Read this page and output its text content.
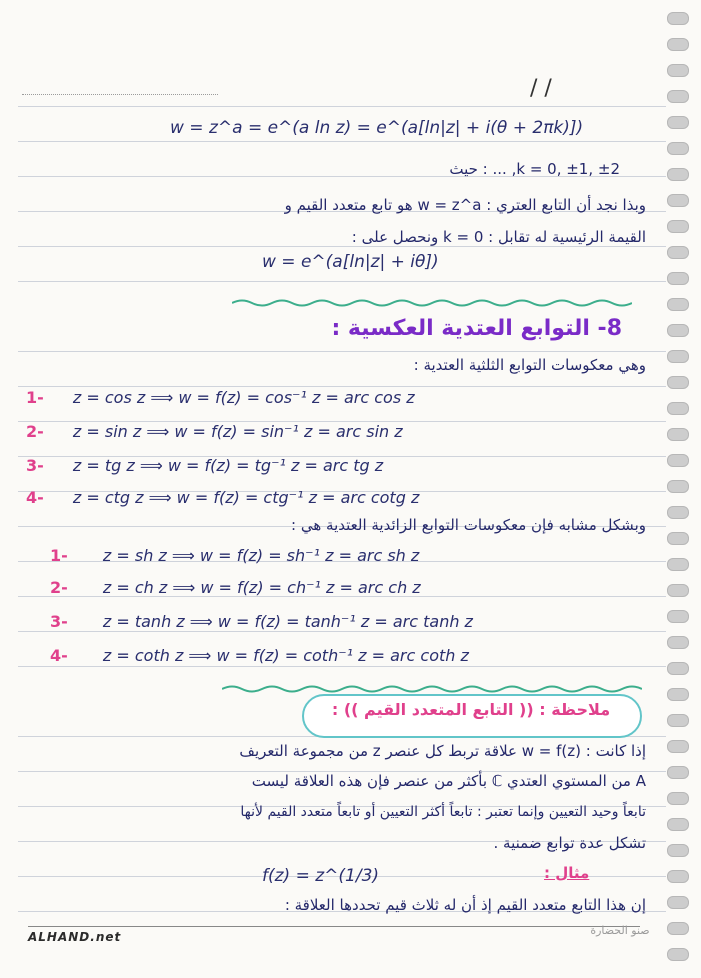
/ /
w = z^a = e^(a ln z) = e^(a[ln|z| + i(θ + 2πk)])
k = 0, ±1, ±2, ... : حيث
وبذا نجد أن التابع العتري : w = z^a هو تابع متعدد القيم و
القيمة الرئيسية له تقابل : k = 0 ونحصل على :
w = e^(a[ln|z| + iθ])
8- التوابع العتدية العكسية :
وهي معكوسات التوابع الثلثية العتدية :
1- z = cos z ⟹ w = f(z) = cos⁻¹ z = arc cos z
2- z = sin z ⟹ w = f(z) = sin⁻¹ z = arc sin z
3- z = tg z ⟹ w = f(z) = tg⁻¹ z = arc tg z
4- z = ctg z ⟹ w = f(z) = ctg⁻¹ z = arc cotg z
وبشكل مشابه فإن معكوسات التوابع الزائدية العتدية هي :
1- z = sh z ⟹ w = f(z) = sh⁻¹ z = arc sh z
2- z = ch z ⟹ w = f(z) = ch⁻¹ z = arc ch z
3- z = tanh z ⟹ w = f(z) = tanh⁻¹ z = arc tanh z
4- z = coth z ⟹ w = f(z) = coth⁻¹ z = arc coth z
ملاحظة : (( التابع المتعدد القيم )) :
إذا كانت : w = f(z) علاقة تربط كل عنصر z من مجموعة التعريف
A من المستوي العتدي ℂ بأكثر من عنصر فإن هذه العلاقة ليست
تابعاً وحيد التعيين وإنما تعتبر : تابعاً أكثر التعيين أو تابعاً متعدد القيم لأنها
تشكل عدة توابع ضمنية .
مثال :
f(z) = z^(1/3)
إن هذا التابع متعدد القيم إذ أن له ثلاث قيم تحددها العلاقة :
ALHAND.net	صنو الحضارة
